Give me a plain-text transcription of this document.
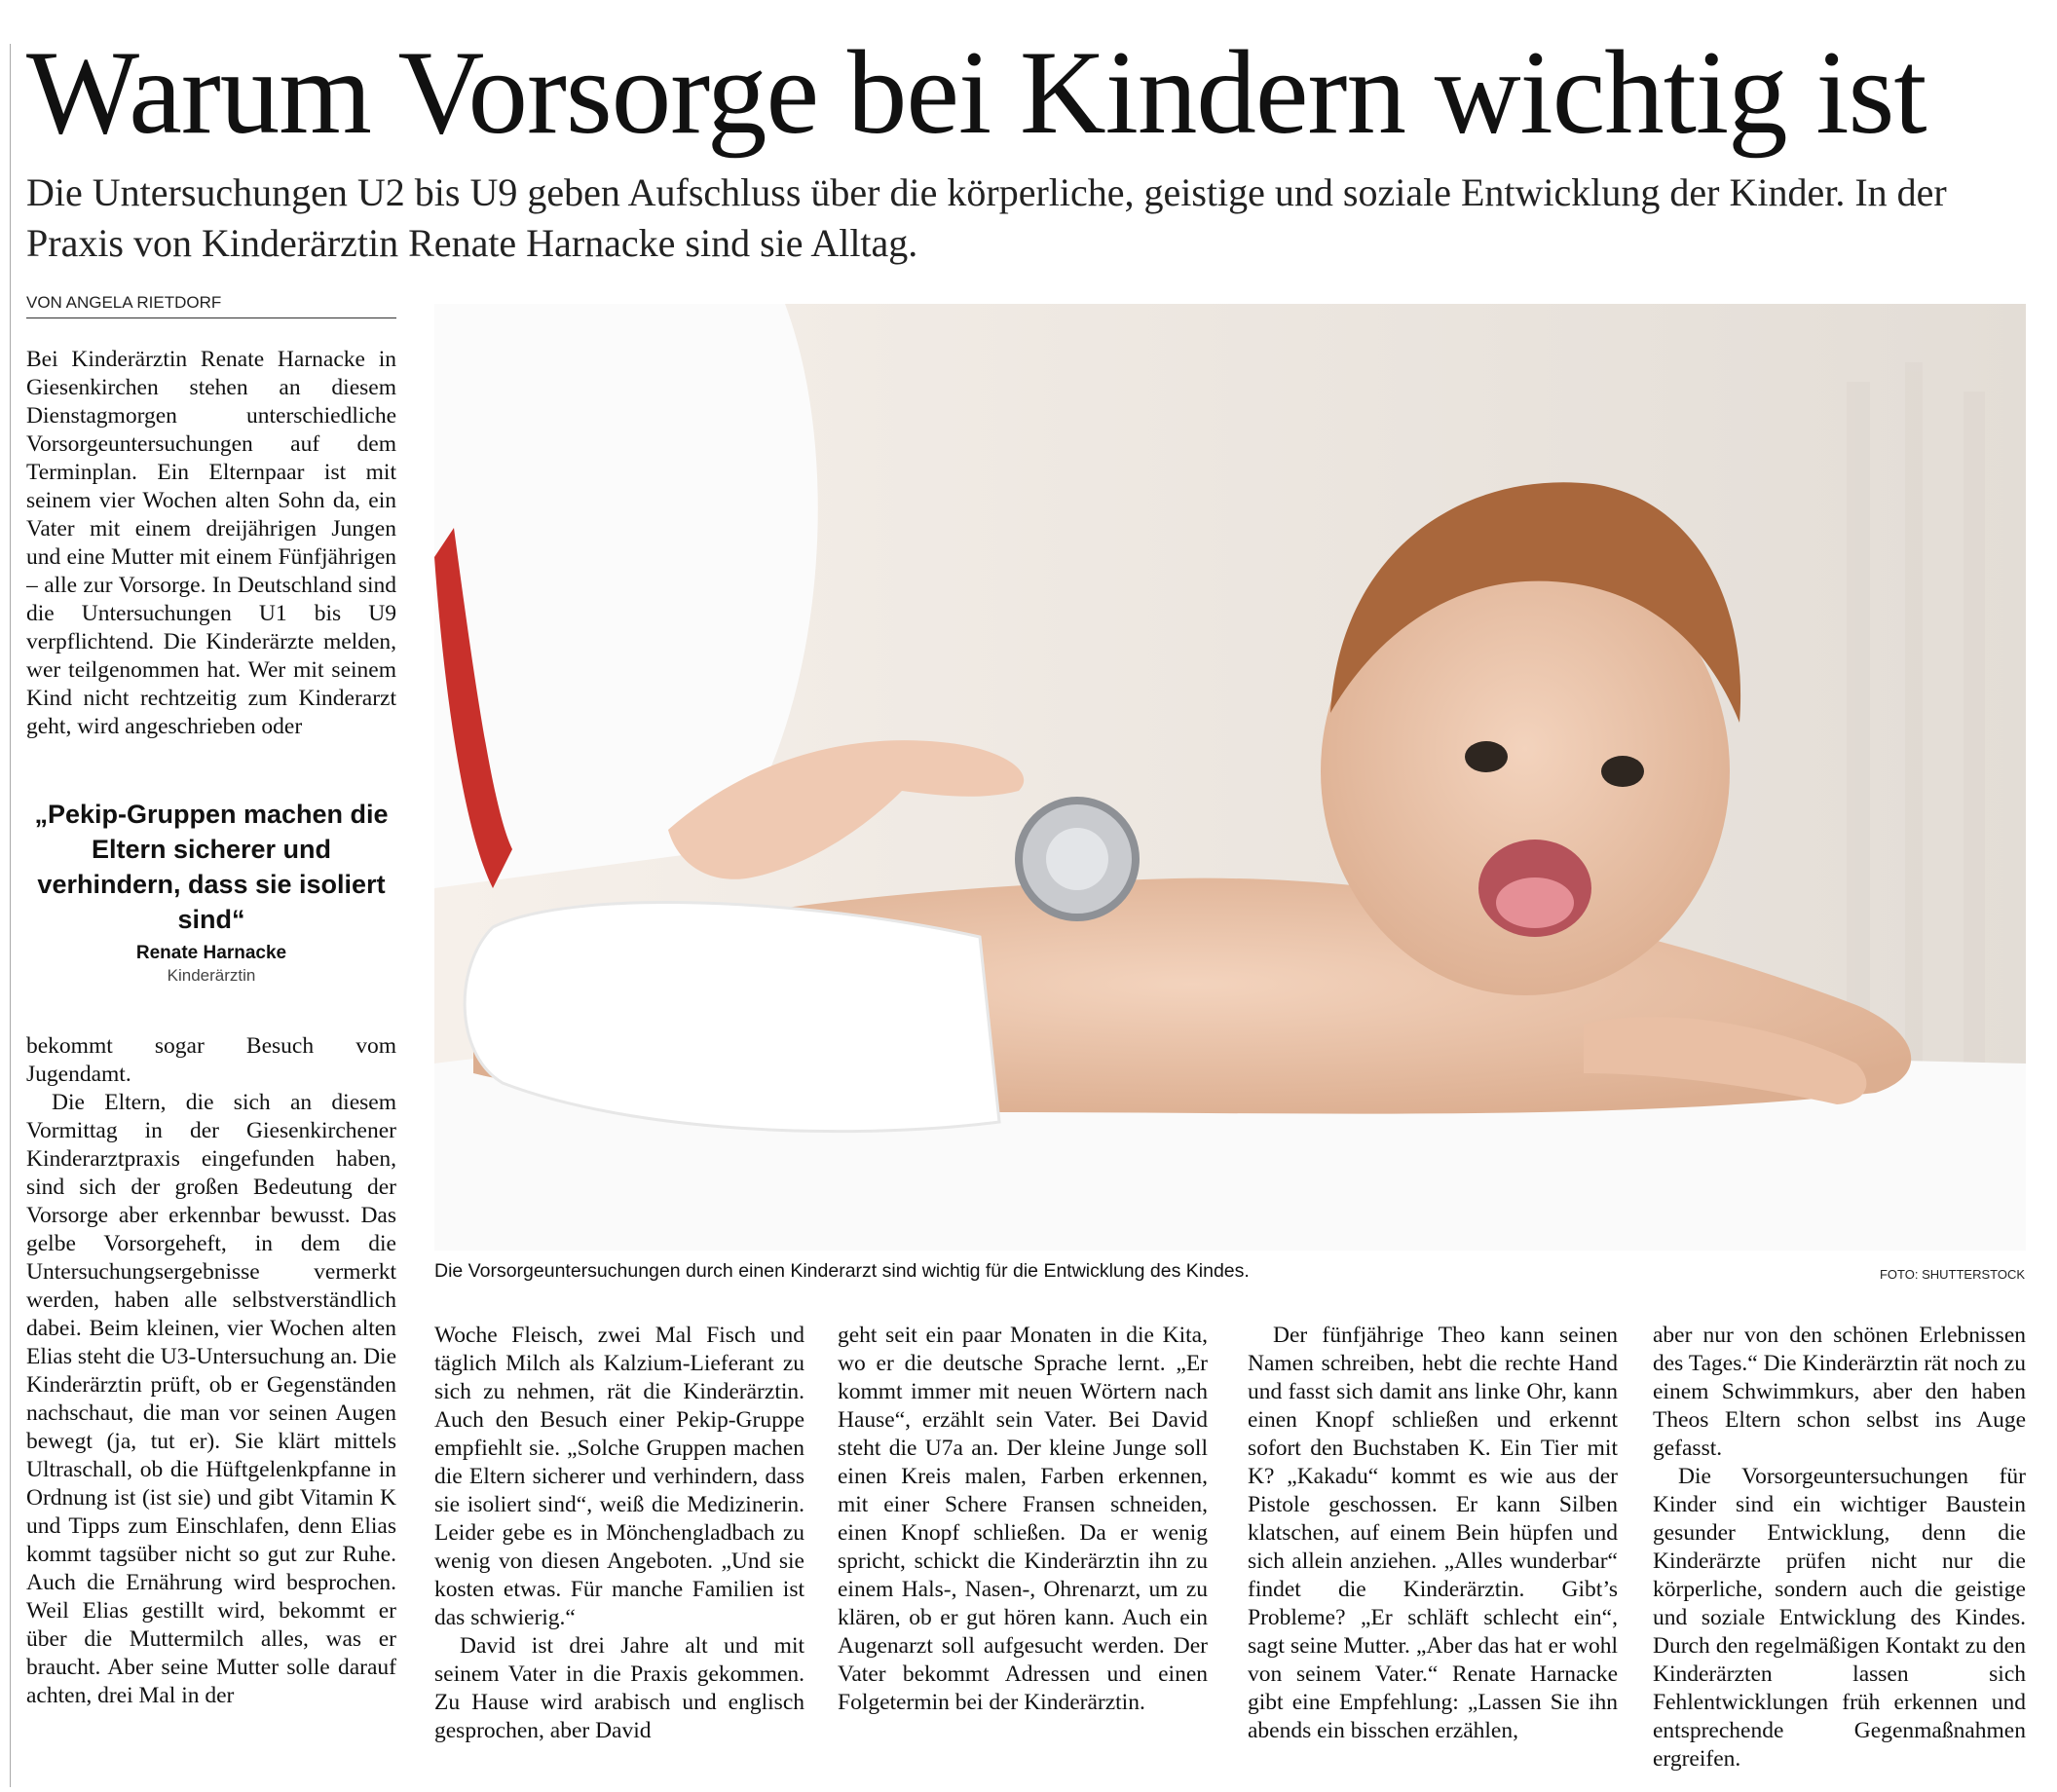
Warum Vorsorge bei Kindern wichtig ist

Die Untersuchungen U2 bis U9 geben Aufschluss über die körperliche, geistige und soziale Entwicklung der Kinder. In der Praxis von Kinderärztin Renate Harnacke sind sie Alltag.

VON ANGELA RIETDORF

Bei Kinderärztin Renate Harnacke in Giesenkirchen stehen an diesem Dienstagmorgen unterschiedliche Vorsorgeuntersuchungen auf dem Terminplan. Ein Elternpaar ist mit seinem vier Wochen alten Sohn da, ein Vater mit einem dreijährigen Jungen und eine Mutter mit einem Fünfjährigen – alle zur Vorsorge. In Deutschland sind die Untersuchungen U1 bis U9 verpflichtend. Die Kinderärzte melden, wer teilgenommen hat. Wer mit seinem Kind nicht rechtzeitig zum Kinderarzt geht, wird angeschrieben oder

„Pekip-Gruppen machen die Eltern sicherer und verhindern, dass sie isoliert sind“
Renate Harnacke
Kinderärztin

bekommt sogar Besuch vom Jugendamt.

Die Eltern, die sich an diesem Vormittag in der Giesenkirchener Kinderarztpraxis eingefunden haben, sind sich der großen Bedeutung der Vorsorge aber erkennbar bewusst. Das gelbe Vorsorgeheft, in dem die Untersuchungsergebnisse vermerkt werden, haben alle selbstverständlich dabei. Beim kleinen, vier Wochen alten Elias steht die U3-Untersuchung an. Die Kinderärztin prüft, ob er Gegenständen nachschaut, die man vor seinen Augen bewegt (ja, tut er). Sie klärt mittels Ultraschall, ob die Hüftgelenkpfanne in Ordnung ist (ist sie) und gibt Vitamin K und Tipps zum Einschlafen, denn Elias kommt tagsüber nicht so gut zur Ruhe. Auch die Ernährung wird besprochen. Weil Elias gestillt wird, bekommt er über die Muttermilch alles, was er braucht. Aber seine Mutter solle darauf achten, drei Mal in der

Die Vorsorgeuntersuchungen durch einen Kinderarzt sind wichtig für die Entwicklung des Kindes.	FOTO: SHUTTERSTOCK

Woche Fleisch, zwei Mal Fisch und täglich Milch als Kalzium-Lieferant zu sich zu nehmen, rät die Kinderärztin. Auch den Besuch einer Pekip-Gruppe empfiehlt sie. „Solche Gruppen machen die Eltern sicherer und verhindern, dass sie isoliert sind“, weiß die Medizinerin. Leider gebe es in Mönchengladbach zu wenig von diesen Angeboten. „Und sie kosten etwas. Für manche Familien ist das schwierig.“

David ist drei Jahre alt und mit seinem Vater in die Praxis gekommen. Zu Hause wird arabisch und englisch gesprochen, aber David

geht seit ein paar Monaten in die Kita, wo er die deutsche Sprache lernt. „Er kommt immer mit neuen Wörtern nach Hause“, erzählt sein Vater. Bei David steht die U7a an. Der kleine Junge soll einen Kreis malen, Farben erkennen, mit einer Schere Fransen schneiden, einen Knopf schließen. Da er wenig spricht, schickt die Kinderärztin ihn zu einem Hals-, Nasen-, Ohrenarzt, um zu klären, ob er gut hören kann. Auch ein Augenarzt soll aufgesucht werden. Der Vater bekommt Adressen und einen Folgetermin bei der Kinderärztin.

Der fünfjährige Theo kann seinen Namen schreiben, hebt die rechte Hand und fasst sich damit ans linke Ohr, kann einen Knopf schließen und erkennt sofort den Buchstaben K. Ein Tier mit K? „Kakadu“ kommt es wie aus der Pistole geschossen. Er kann Silben klatschen, auf einem Bein hüpfen und sich allein anziehen. „Alles wunderbar“ findet die Kinderärztin. Gibt’s Probleme? „Er schläft schlecht ein“, sagt seine Mutter. „Aber das hat er wohl von seinem Vater.“ Renate Harnacke gibt eine Empfehlung: „Lassen Sie ihn abends ein bisschen erzählen,

aber nur von den schönen Erlebnissen des Tages.“ Die Kinderärztin rät noch zu einem Schwimmkurs, aber den haben Theos Eltern schon selbst ins Auge gefasst.

Die Vorsorgeuntersuchungen für Kinder sind ein wichtiger Baustein gesunder Entwicklung, denn die Kinderärzte prüfen nicht nur die körperliche, sondern auch die geistige und soziale Entwicklung des Kindes. Durch den regelmäßigen Kontakt zu den Kinderärzten lassen sich Fehlentwicklungen früh erkennen und entsprechende Gegenmaßnahmen ergreifen.
